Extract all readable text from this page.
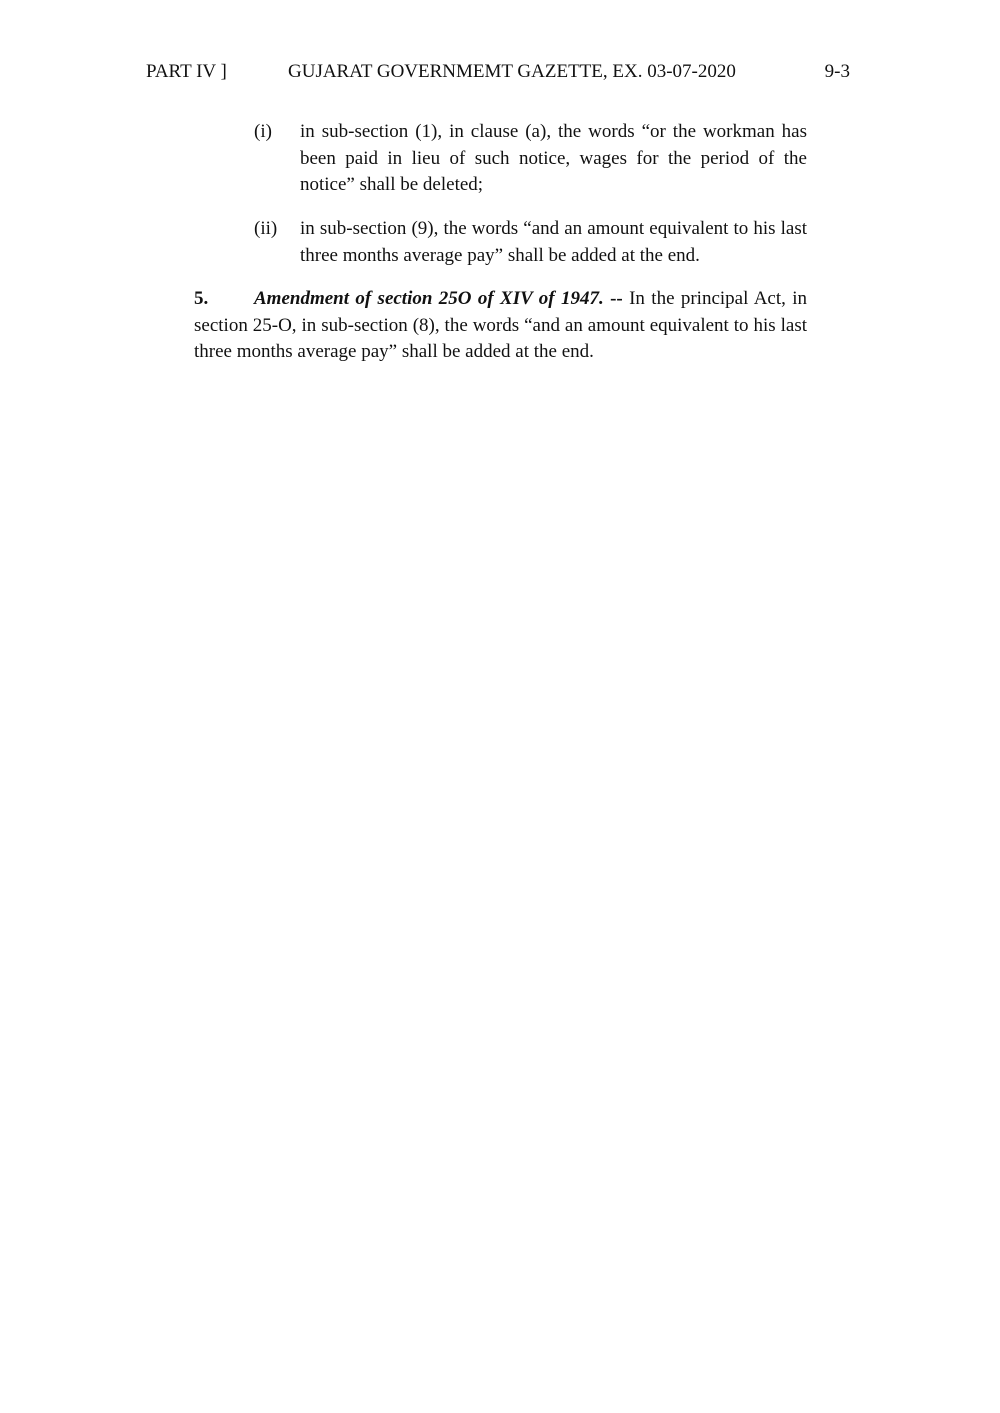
PART IV ]	GUJARAT GOVERNMEMT GAZETTE, EX. 03-07-2020	9-3
(i) in sub-section (1), in clause (a), the words “or the workman has been paid in lieu of such notice, wages for the period of the notice” shall be deleted;
(ii) in sub-section (9), the words “and an amount equivalent to his last three months average pay” shall be added at the end.
5. Amendment of section 25O of XIV of 1947. -- In the principal Act, in section 25-O, in sub-section (8), the words “and an amount equivalent to his last three months average pay” shall be added at the end.
